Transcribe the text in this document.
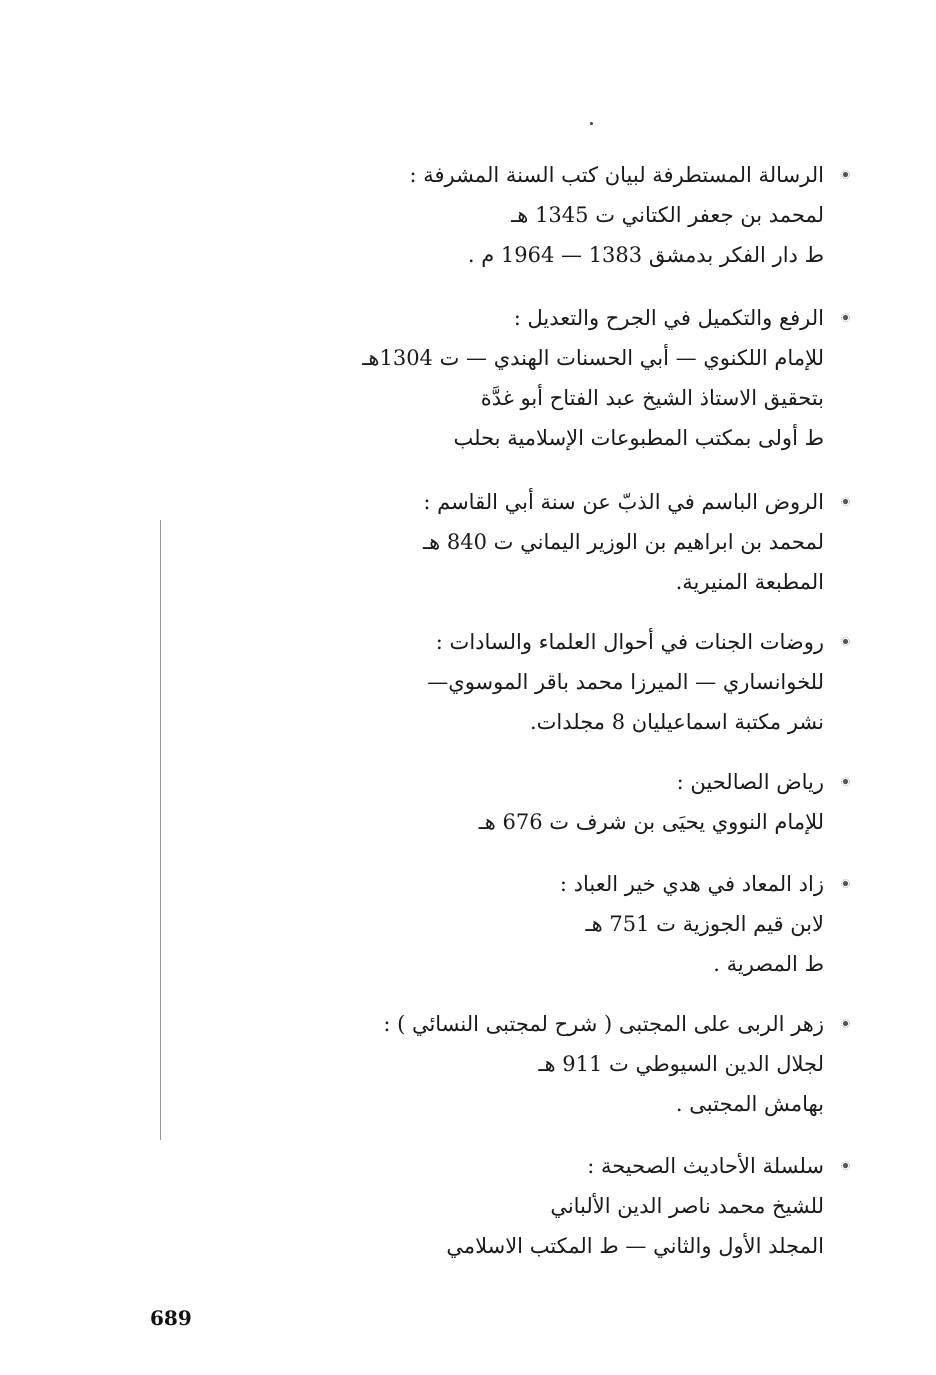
الرسالة المستطرفة لبيان كتب السنة المشرفة :
لمحمد بن جعفر الكتاني ت 1345 هـ
ط دار الفكر بدمشق 1383 — 1964 م .
الرفع والتكميل في الجرح والتعديل :
للإمام اللكنوي — أبي الحسنات الهندي — ت 1304هـ
بتحقيق الاستاذ الشيخ عبد الفتاح أبو غدَّة
ط أولى بمكتب المطبوعات الإسلامية بحلب
الروض الباسم في الذبّ عن سنة أبي القاسم :
لمحمد بن ابراهيم بن الوزير اليماني ت 840 هـ
المطبعة المنيرية.
روضات الجنات في أحوال العلماء والسادات :
للخوانساري — الميرزا محمد باقر الموسوي—
نشر مكتبة اسماعيليان 8 مجلدات.
رياض الصالحين :
للإمام النووي يحيَى بن شرف ت 676 هـ
زاد المعاد في هدي خير العباد :
لابن قيم الجوزية ت 751 هـ
ط المصرية .
زهر الربى على المجتبى ( شرح لمجتبى النسائي ) :
لجلال الدين السيوطي ت 911 هـ
بهامش المجتبى .
سلسلة الأحاديث الصحيحة :
للشيخ محمد ناصر الدين الألباني
المجلد الأول والثاني — ط المكتب الاسلامي
689
